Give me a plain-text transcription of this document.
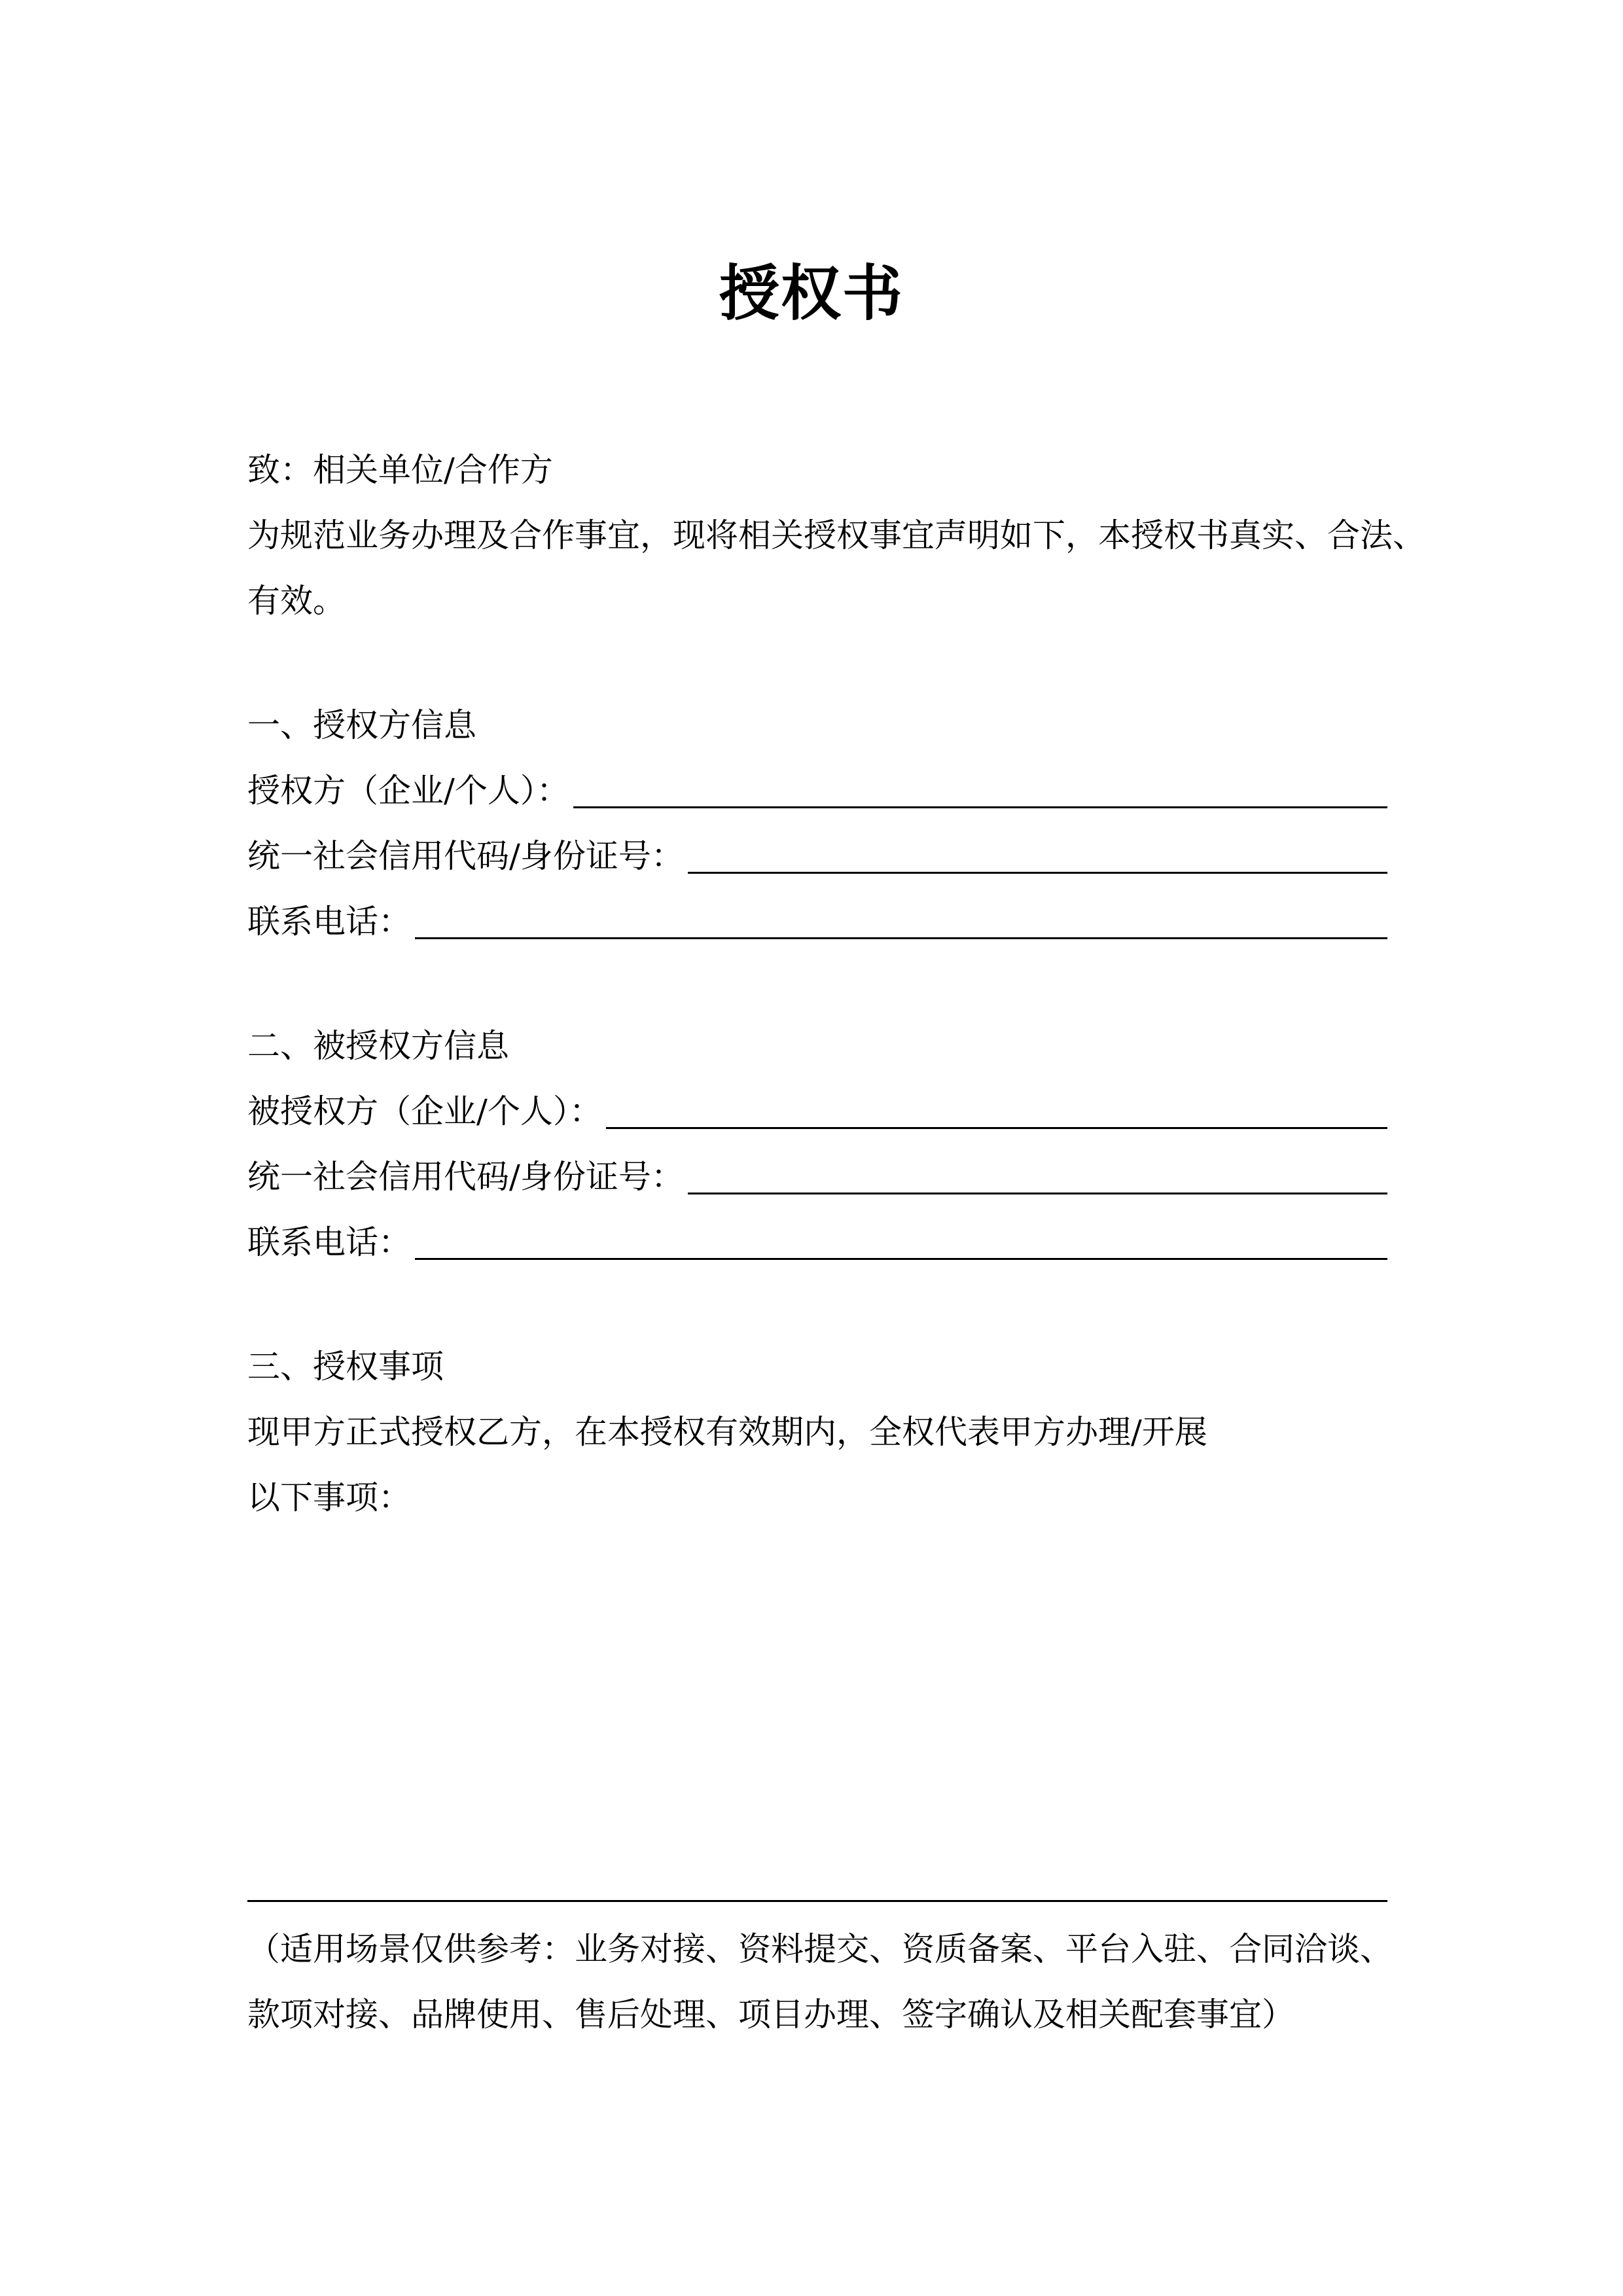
授权书
致：相关单位/合作方
为规范业务办理及合作事宜，现将相关授权事宜声明如下，本授权书真实、合法、
有效。
一、授权方信息
授权方（企业/个人）：
统一社会信用代码/身份证号：
联系电话：
二、被授权方信息
被授权方（企业/个人）：
统一社会信用代码/身份证号：
联系电话：
三、授权事项
现甲方正式授权乙方，在本授权有效期内，全权代表甲方办理/开展
以下事项：
（适用场景仅供参考：业务对接、资料提交、资质备案、平台入驻、合同洽谈、
款项对接、品牌使用、售后处理、项目办理、签字确认及相关配套事宜）
